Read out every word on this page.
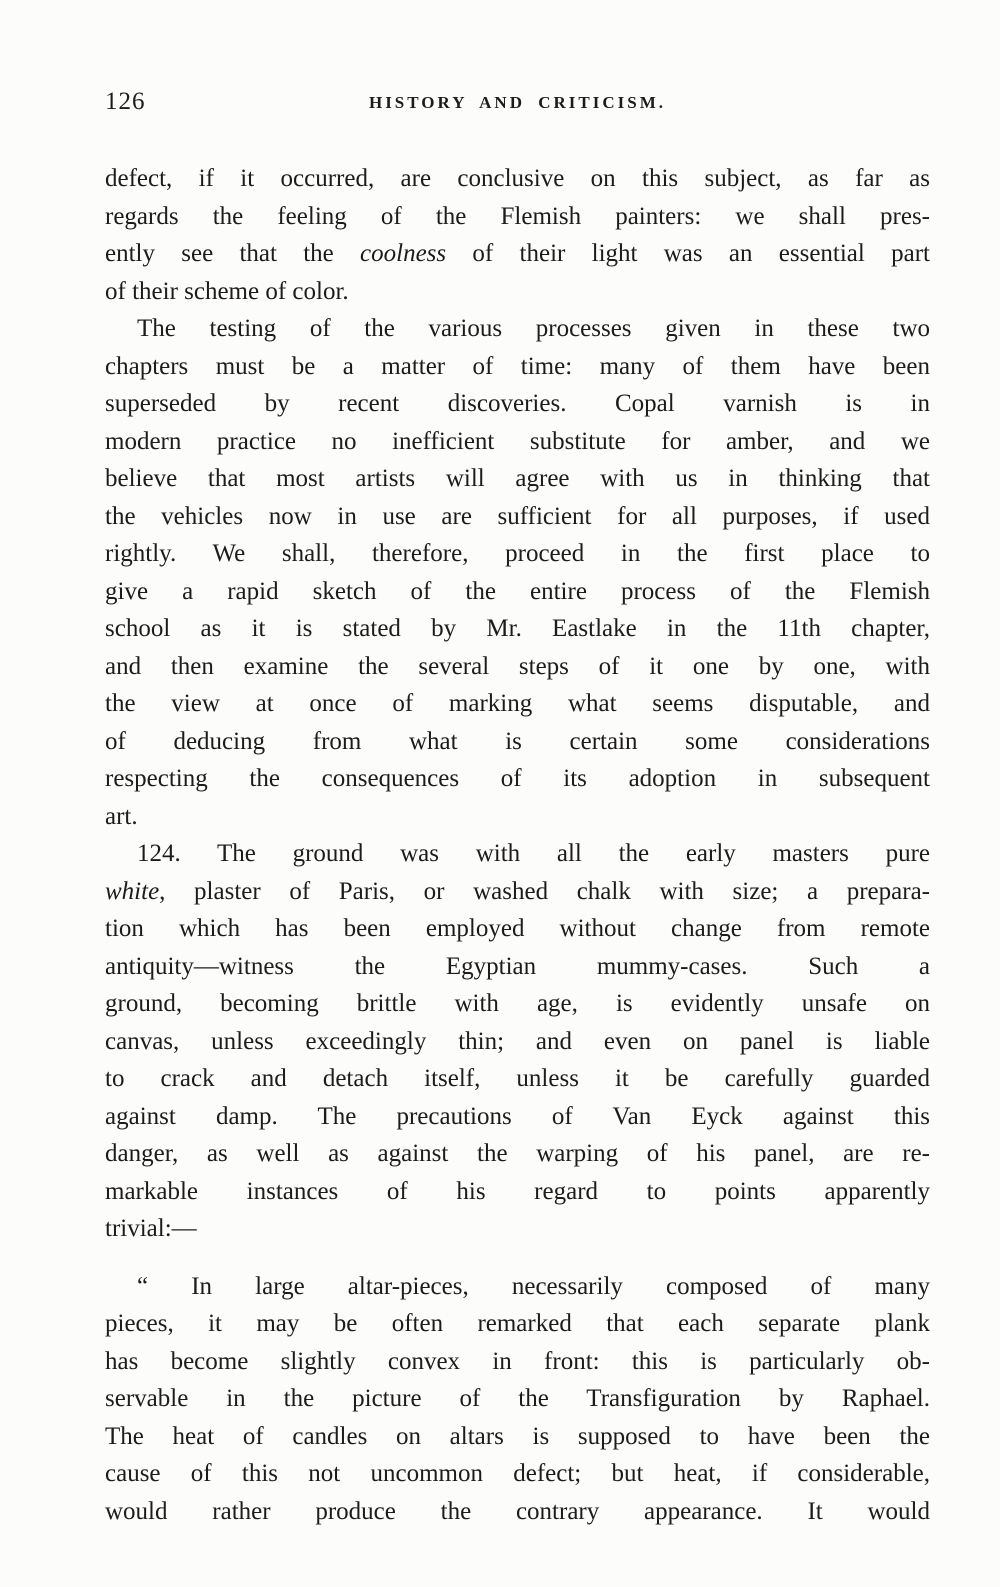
126	HISTORY AND CRITICISM.
defect, if it occurred, are conclusive on this subject, as far as
regards the feeling of the Flemish painters: we shall pres-
ently see that the coolness of their light was an essential part
of their scheme of color.
The testing of the various processes given in these two
chapters must be a matter of time: many of them have been
superseded by recent discoveries. Copal varnish is in
modern practice no inefficient substitute for amber, and we
believe that most artists will agree with us in thinking that
the vehicles now in use are sufficient for all purposes, if used
rightly. We shall, therefore, proceed in the first place to
give a rapid sketch of the entire process of the Flemish
school as it is stated by Mr. Eastlake in the 11th chapter,
and then examine the several steps of it one by one, with
the view at once of marking what seems disputable, and
of deducing from what is certain some considerations
respecting the consequences of its adoption in subsequent
art.
124. The ground was with all the early masters pure
white, plaster of Paris, or washed chalk with size; a prepara-
tion which has been employed without change from remote
antiquity—witness the Egyptian mummy-cases. Such a
ground, becoming brittle with age, is evidently unsafe on
canvas, unless exceedingly thin; and even on panel is liable
to crack and detach itself, unless it be carefully guarded
against damp. The precautions of Van Eyck against this
danger, as well as against the warping of his panel, are re-
markable instances of his regard to points apparently
trivial:—
“ In large altar-pieces, necessarily composed of many
pieces, it may be often remarked that each separate plank
has become slightly convex in front: this is particularly ob-
servable in the picture of the Transfiguration by Raphael.
The heat of candles on altars is supposed to have been the
cause of this not uncommon defect; but heat, if considerable,
would rather produce the contrary appearance. It would
